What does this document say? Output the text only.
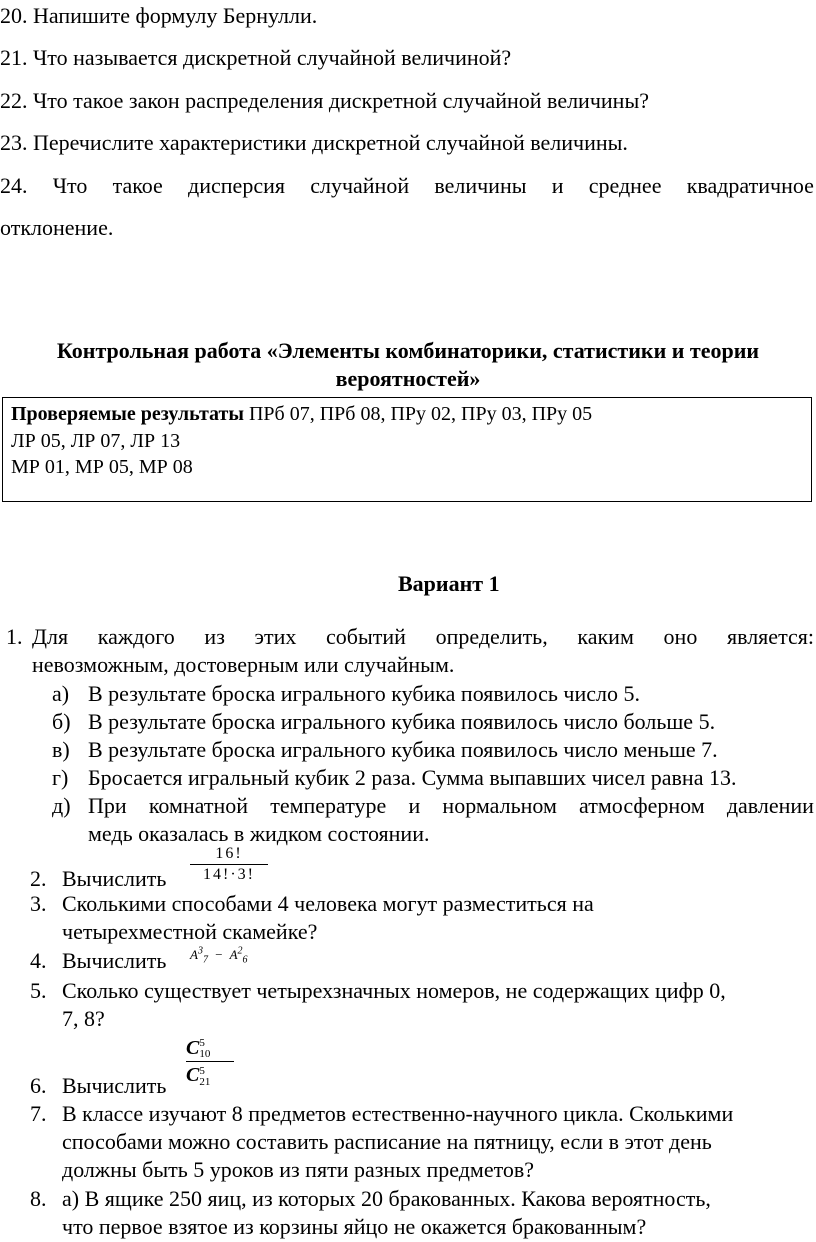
20. Напишите формулу Бернулли.
21. Что называется дискретной случайной величиной?
22. Что такое закон распределения дискретной случайной величины?
23. Перечислите характеристики дискретной случайной величины.
24. Что такое дисперсия случайной величины и среднее квадратичное
отклонение.
Контрольная работа «Элементы комбинаторики, статистики и теории
вероятностей»
Проверяемые результаты ПРб 07, ПРб 08, ПРу 02, ПРу 03, ПРу 05
ЛР 05, ЛР 07, ЛР 13
МР 01, МР 05, МР 08
Вариант 1
1. Для каждого из этих событий определить, каким оно является:
невозможным, достоверным или случайным.
а) В результате броска игрального кубика появилось число 5.
б) В результате броска игрального кубика появилось число больше 5.
в) В результате броска игрального кубика появилось число меньше 7.
г) Бросается игральный кубик 2 раза. Сумма выпавших чисел равна 13.
д) При комнатной температуре и нормальном атмосферном давлении
медь оказалась в жидком состоянии.
2. Вычислить
16!
14!·3!
3. Сколькими способами 4 человека могут разместиться на
четырехместной скамейке?
4. Вычислить $A^3_7 - A^2_6$
5. Сколько существует четырехзначных номеров, не содержащих цифр 0,
7, 8?
6. Вычислить
C 5
10
C 5
21
7. В классе изучают 8 предметов естественно-научного цикла. Сколькими
способами можно составить расписание на пятницу, если в этот день
должны быть 5 уроков из пяти разных предметов?
8. а) В ящике 250 яиц, из которых 20 бракованных. Какова вероятность,
что первое взятое из корзины яйцо не окажется бракованным?
